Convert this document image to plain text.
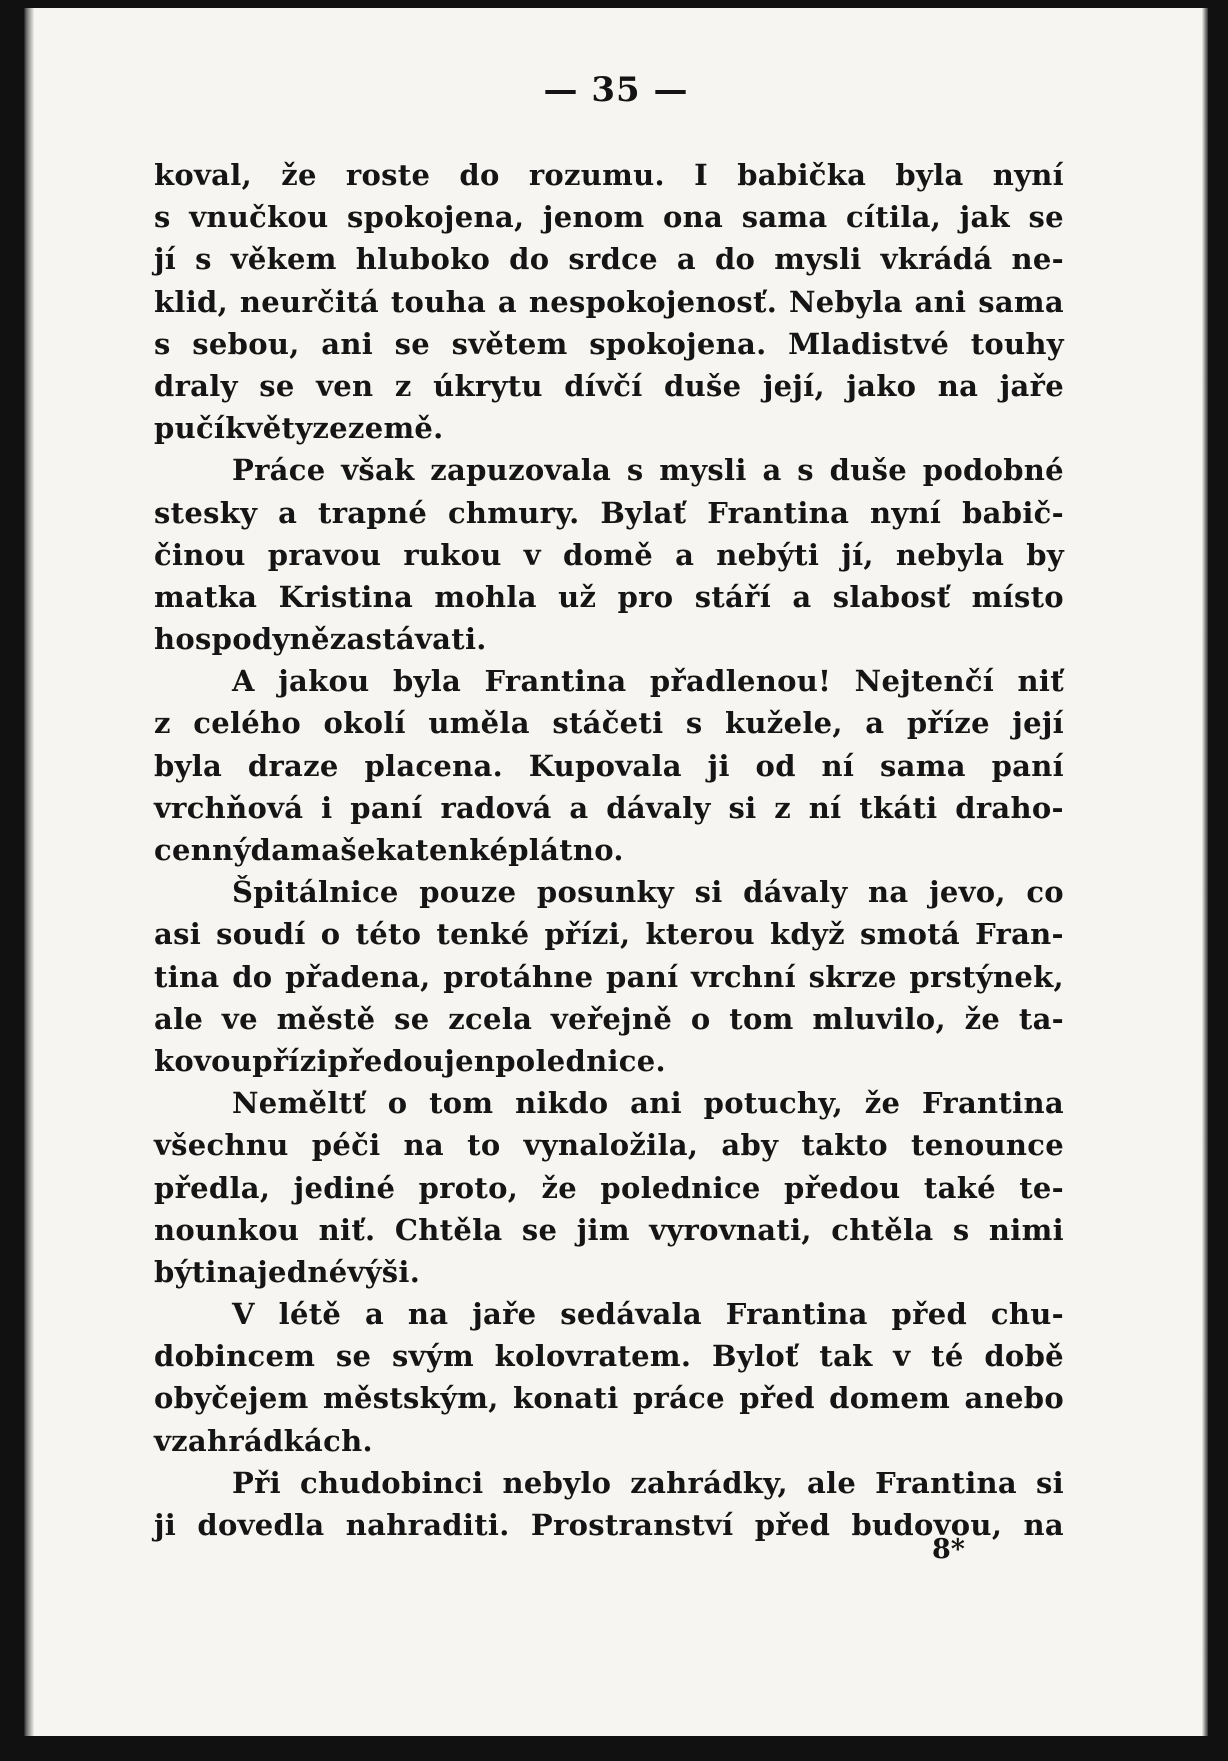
— 35 —
koval, že roste do rozumu. I babička byla nyní
s vnučkou spokojena, jenom ona sama cítila, jak se
jí s věkem hluboko do srdce a do mysli vkrádá ne-
klid, neurčitá touha a nespokojenosť. Nebyla ani sama
s sebou, ani se světem spokojena. Mladistvé touhy
draly se ven z úkrytu dívčí duše její, jako na jaře
pučí květy ze země.
Práce však zapuzovala s mysli a s duše podobné
stesky a trapné chmury. Bylať Frantina nyní babič-
činou pravou rukou v domě a nebýti jí, nebyla by
matka Kristina mohla už pro stáří a slabosť místo
hospodyně zastávati.
A jakou byla Frantina přadlenou! Nejtenčí niť
z celého okolí uměla stáčeti s kužele, a příze její
byla draze placena. Kupovala ji od ní sama paní
vrchňová i paní radová a dávaly si z ní tkáti draho-
cenný damašek a tenké plátno.
Špitálnice pouze posunky si dávaly na jevo, co
asi soudí o této tenké přízi, kterou když smotá Fran-
tina do přadena, protáhne paní vrchní skrze prstýnek,
ale ve městě se zcela veřejně o tom mluvilo, že ta-
kovou přízi předou jen polednice.
Neměltť o tom nikdo ani potuchy, že Frantina
všechnu péči na to vynaložila, aby takto tenounce
předla, jediné proto, že polednice předou také te-
nounkou niť. Chtěla se jim vyrovnati, chtěla s nimi
býti na jedné výši.
V létě a na jaře sedávala Frantina před chu-
dobincem se svým kolovratem. Byloť tak v té době
obyčejem městským, konati práce před domem anebo
v zahrádkách.
Při chudobinci nebylo zahrádky, ale Frantina si
ji dovedla nahraditi. Prostranství před budovou, na
8*
